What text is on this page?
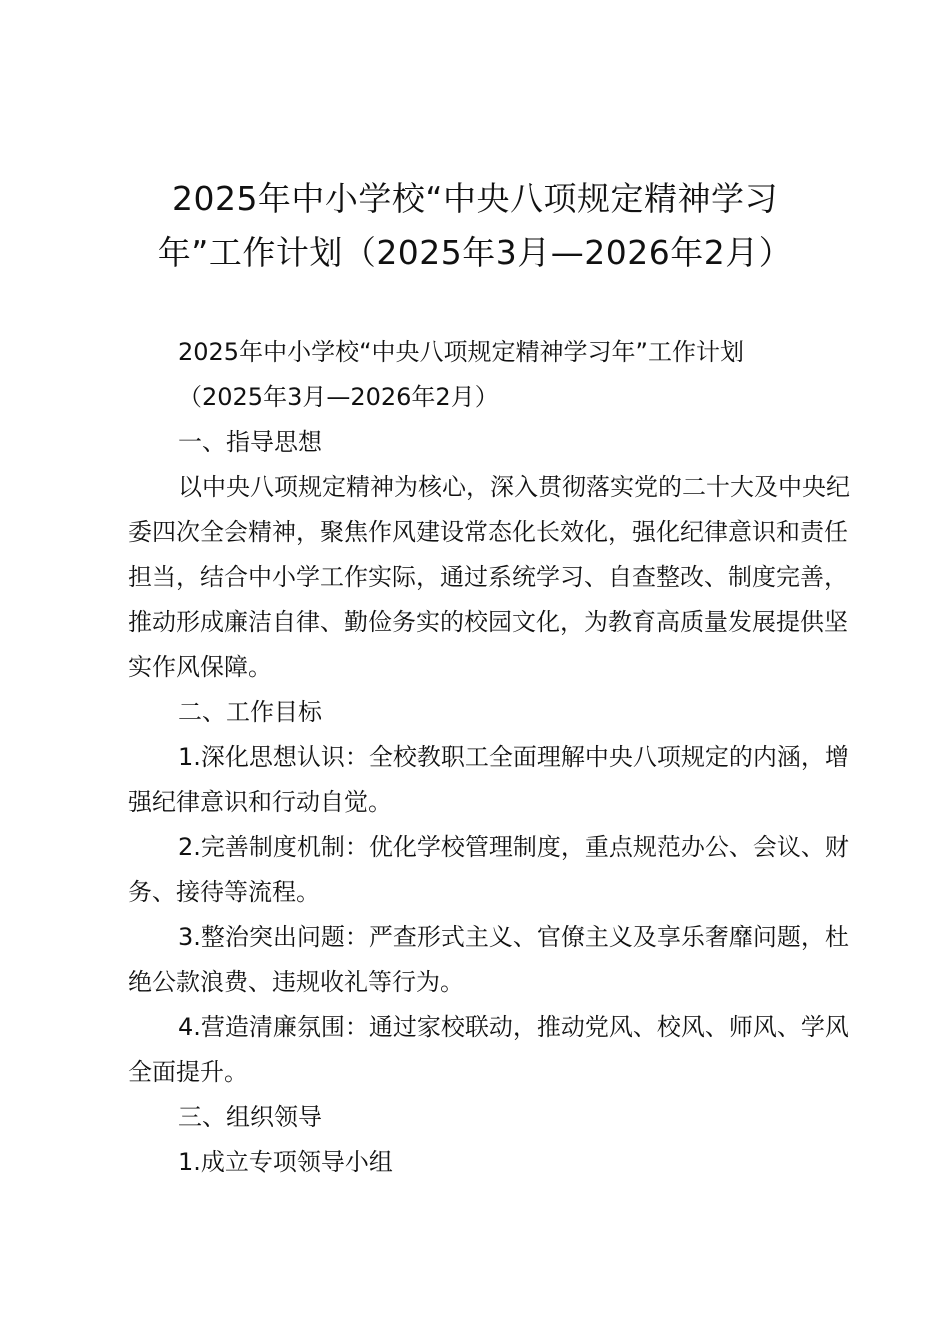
2025年中小学校“中央八项规定精神学习年”工作计划（2025年3月—2026年2月）

2025年中小学校“中央八项规定精神学习年”工作计划

（2025年3月—2026年2月）

一、指导思想

以中央八项规定精神为核心，深入贯彻落实党的二十大及中央纪委四次全会精神，聚焦作风建设常态化长效化，强化纪律意识和责任担当，结合中小学工作实际，通过系统学习、自查整改、制度完善，推动形成廉洁自律、勤俭务实的校园文化，为教育高质量发展提供坚实作风保障。

二、工作目标

1.深化思想认识：全校教职工全面理解中央八项规定的内涵，增强纪律意识和行动自觉。

2.完善制度机制：优化学校管理制度，重点规范办公、会议、财务、接待等流程。

3.整治突出问题：严查形式主义、官僚主义及享乐奢靡问题，杜绝公款浪费、违规收礼等行为。

4.营造清廉氛围：通过家校联动，推动党风、校风、师风、学风全面提升。

三、组织领导

1.成立专项领导小组
